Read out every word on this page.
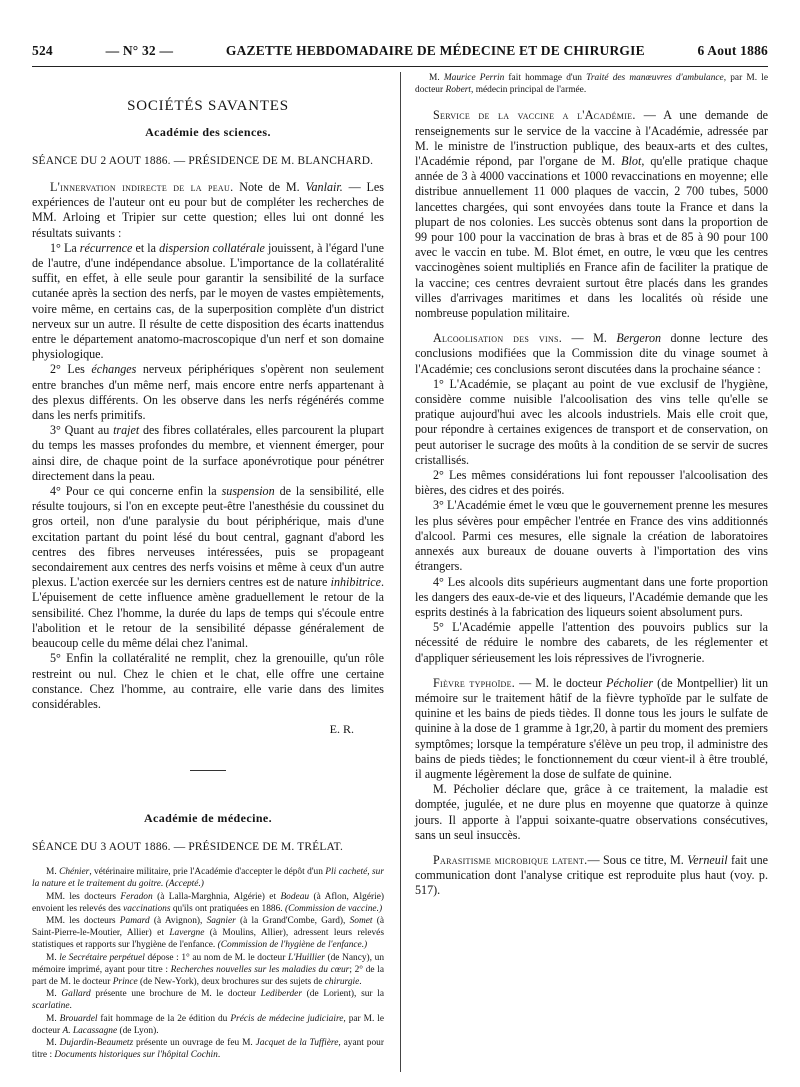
524	— N° 32 —	GAZETTE HEBDOMADAIRE DE MÉDECINE ET DE CHIRURGIE	6 Aout 1886
SOCIÉTÉS SAVANTES
Académie des sciences.
SÉANCE DU 2 AOUT 1886. — PRÉSIDENCE DE M. BLANCHARD.

L'innervation indirecte de la peau. Note de M. Vanlair. — Les expériences de l'auteur ont eu pour but de compléter les recherches de MM. Arloing et Tripier sur cette question; elles lui ont donné les résultats suivants :

1° La récurrence et la dispersion collatérale jouissent, à l'égard l'une de l'autre, d'une indépendance absolue. L'importance de la collatéralité suffit, en effet, à elle seule pour garantir la sensibilité de la surface cutanée après la section des nerfs, par le moyen de vastes empiètements, voire même, en certains cas, de la superposition complète d'un district nerveux sur un autre. Il résulte de cette disposition des écarts inattendus entre le département anatomo-macroscopique d'un nerf et son domaine physiologique.

2° Les échanges nerveux périphériques s'opèrent non seulement entre branches d'un même nerf, mais encore entre nerfs appartenant à des plexus différents. On les observe dans les nerfs régénérés comme dans les nerfs primitifs.

3° Quant au trajet des fibres collatérales, elles parcourent la plupart du temps les masses profondes du membre, et viennent émerger, pour ainsi dire, de chaque point de la surface aponévrotique pour pénétrer directement dans la peau.

4° Pour ce qui concerne enfin la suspension de la sensibilité, elle résulte toujours, si l'on en excepte peut-être l'anesthésie du coussinet du gros orteil, non d'une paralysie du bout périphérique, mais d'une excitation partant du point lésé du bout central, gagnant d'abord les centres des fibres nerveuses intéressées, puis se propageant secondairement aux centres des nerfs voisins et même à ceux d'un autre plexus. L'action exercée sur les derniers centres est de nature inhibitrice. L'épuisement de cette influence amène graduellement le retour de la sensibilité. Chez l'homme, la durée du laps de temps qui s'écoule entre l'abolition et le retour de la sensibilité dépasse généralement de beaucoup celle du même délai chez l'animal.

5° Enfin la collatéralité ne remplit, chez la grenouille, qu'un rôle restreint ou nul. Chez le chien et le chat, elle offre une certaine constance. Chez l'homme, au contraire, elle varie dans des limites considérables.

E. R.
Académie de médecine.
SÉANCE DU 3 AOUT 1886. — PRÉSIDENCE DE M. TRÉLAT.

M. Chénier, vétérinaire militaire, prie l'Académie d'accepter le dépôt d'un Pli cacheté, sur la nature et le traitement du goitre. (Accepté.)

MM. les docteurs Feradon (à Lalla-Marghnia, Algérie) et Bodeau (à Aflon, Algérie) envoient les relevés des vaccinations qu'ils ont pratiquées en 1886. (Commission de vaccine.)

MM. les docteurs Pamard (à Avignon), Sagnier (à la Grand'Combe, Gard), Somet (à Saint-Pierre-le-Moutier, Allier) et Lavergne (à Moulins, Allier), adressent leurs relevés statistiques et rapports sur l'hygiène de l'enfance. (Commission de l'hygiène de l'enfance.)

M. le Secrétaire perpétuel dépose : 1° au nom de M. le docteur L'Huillier (de Nancy), un mémoire imprimé, ayant pour titre : Recherches nouvelles sur les maladies du cœur; 2° de la part de M. le docteur Prince (de New-York), deux brochures sur des sujets de chirurgie.

M. Gallard présente une brochure de M. le docteur Lediberder (de Lorient), sur la scarlatine.

M. Brouardel fait hommage de la 2e édition du Précis de médecine judiciaire, par M. le docteur A. Lacassagne (de Lyon).

M. Dujardin-Beaumetz présente un ouvrage de feu M. Jacquet de la Tuffière, ayant pour titre : Documents historiques sur l'hôpital Cochin.

M. Maurice Perrin fait hommage d'un Traité des manœuvres d'ambulance, par M. le docteur Robert, médecin principal de l'armée.

Service de la vaccine a l'Académie. — A une demande de renseignements sur le service de la vaccine à l'Académie, adressée par M. le ministre de l'instruction publique, des beaux-arts et des cultes, l'Académie répond, par l'organe de M. Blot, qu'elle pratique chaque année de 3 à 4000 vaccinations et 1000 revaccinations en moyenne; elle distribue annuellement 11 000 plaques de vaccin, 2 700 tubes, 5000 lancettes chargées, qui sont envoyées dans toute la France et dans la plupart de nos colonies. Les succès obtenus sont dans la proportion de 99 pour 100 pour la vaccination de bras à bras et de 85 à 90 pour 100 avec le vaccin en tube. M. Blot émet, en outre, le vœu que les centres vaccinogènes soient multipliés en France afin de faciliter la pratique de la vaccine; ces centres devraient surtout être placés dans les grandes villes d'arrivages maritimes et dans les localités où réside une nombreuse population militaire.

Alcoolisation des vins. — M. Bergeron donne lecture des conclusions modifiées que la Commission dite du vinage soumet à l'Académie; ces conclusions seront discutées dans la prochaine séance :

1° L'Académie, se plaçant au point de vue exclusif de l'hygiène, considère comme nuisible l'alcoolisation des vins telle qu'elle se pratique aujourd'hui avec les alcools industriels. Mais elle croit que, pour répondre à certaines exigences de transport et de conservation, on peut autoriser le sucrage des moûts à la condition de se servir de sucres cristallisés.

2° Les mêmes considérations lui font repousser l'alcoolisation des bières, des cidres et des poirés.

3° L'Académie émet le vœu que le gouvernement prenne les mesures les plus sévères pour empêcher l'entrée en France des vins additionnés d'alcool. Parmi ces mesures, elle signale la création de laboratoires annexés aux bureaux de douane ouverts à l'importation des vins étrangers.

4° Les alcools dits supérieurs augmentant dans une forte proportion les dangers des eaux-de-vie et des liqueurs, l'Académie demande que les esprits destinés à la fabrication des liqueurs soient absolument purs.

5° L'Académie appelle l'attention des pouvoirs publics sur la nécessité de réduire le nombre des cabarets, de les réglementer et d'appliquer sérieusement les lois répressives de l'ivrognerie.

Fièvre typhoïde. — M. le docteur Pécholier (de Montpellier) lit un mémoire sur le traitement hâtif de la fièvre typhoïde par le sulfate de quinine et les bains de pieds tièdes. Il donne tous les jours le sulfate de quinine à la dose de 1 gramme à 1gr,20, à partir du moment des premiers symptômes; lorsque la température s'élève un peu trop, il administre des bains de pieds tièdes; le fonctionnement du cœur vient-il à être troublé, il augmente légèrement la dose de sulfate de quinine.

M. Pécholier déclare que, grâce à ce traitement, la maladie est domptée, jugulée, et ne dure plus en moyenne que quatorze à quinze jours. Il apporte à l'appui soixante-quatre observations consécutives, sans un seul insuccès.

Parasitisme microbique latent.— Sous ce titre, M. Verneuil fait une communication dont l'analyse critique est reproduite plus haut (voy. p. 517).
